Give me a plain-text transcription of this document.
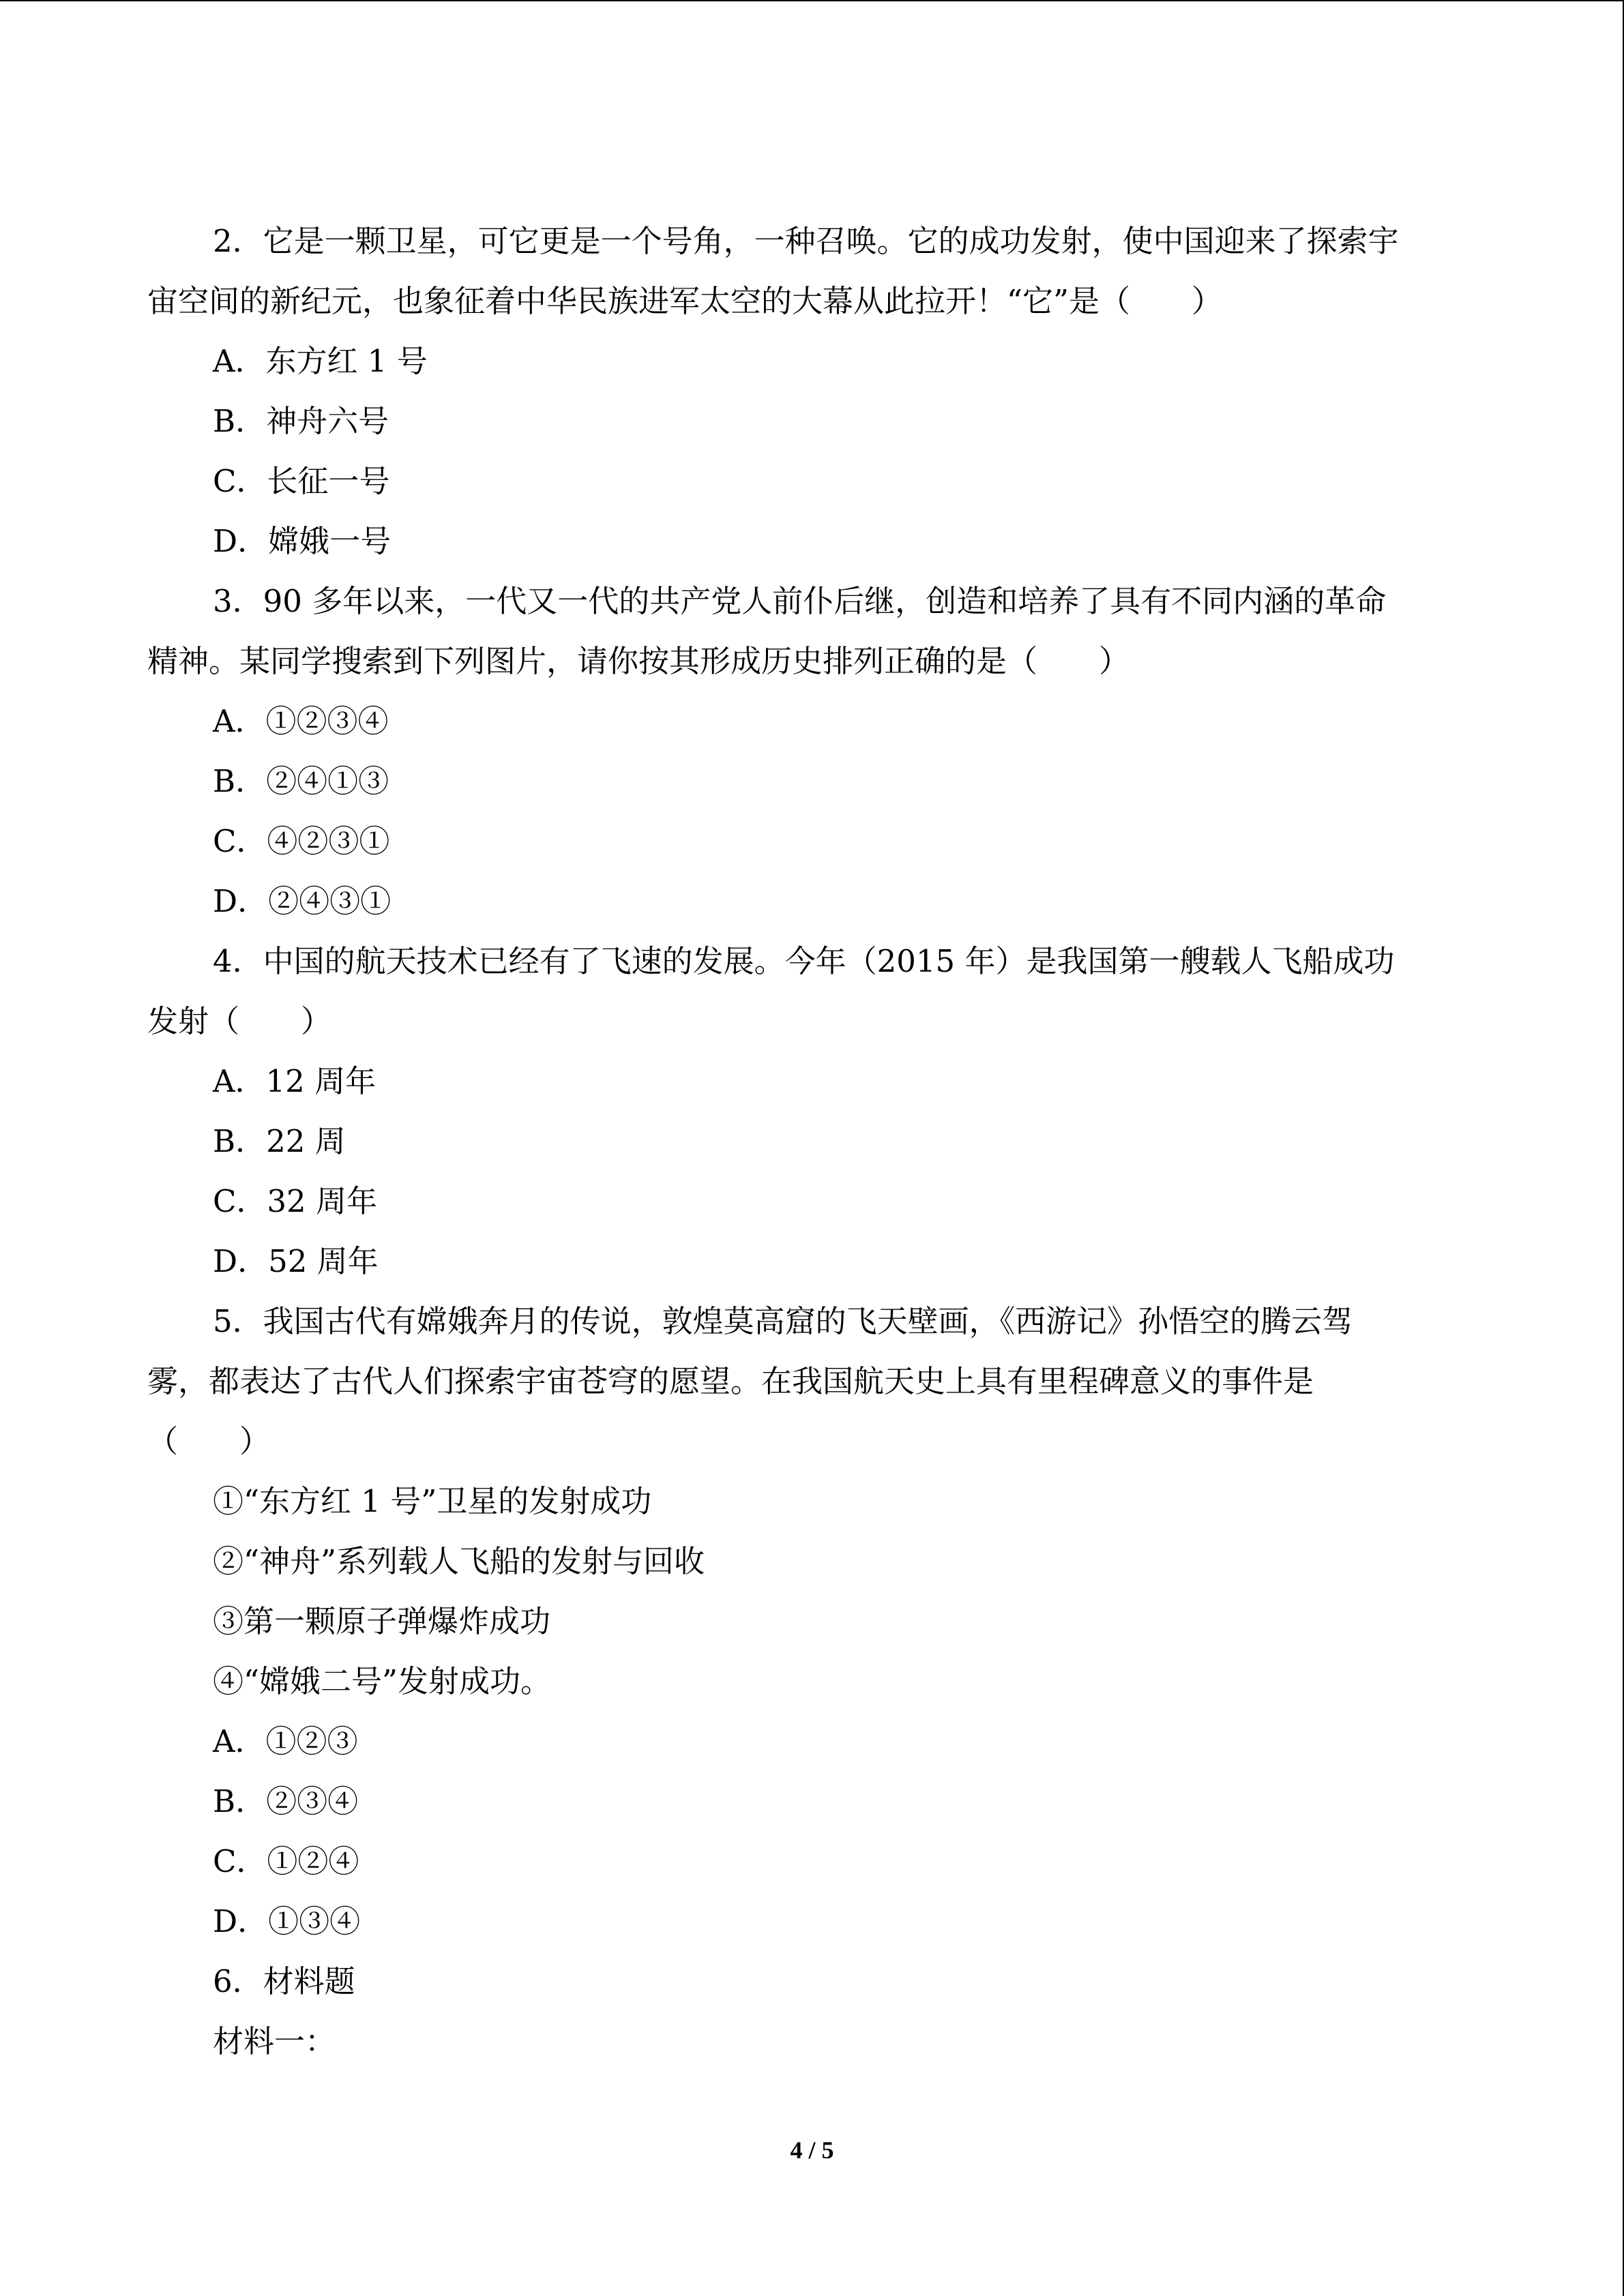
2．它是一颗卫星，可它更是一个号角，一种召唤。它的成功发射，使中国迎来了探索宇
宙空间的新纪元，也象征着中华民族进军太空的大幕从此拉开！“它”是（　　）
A．东方红 1 号
B．神舟六号
C．长征一号
D．嫦娥一号
3．90 多年以来，一代又一代的共产党人前仆后继，创造和培养了具有不同内涵的革命
精神。某同学搜索到下列图片，请你按其形成历史排列正确的是（　　）
A．①②③④
B．②④①③
C．④②③①
D．②④③①
4．中国的航天技术已经有了飞速的发展。今年（2015 年）是我国第一艘载人飞船成功
发射（　　）
A．12 周年
B．22 周
C．32 周年
D．52 周年
5．我国古代有嫦娥奔月的传说，敦煌莫高窟的飞天壁画，《西游记》孙悟空的腾云驾
雾，都表达了古代人们探索宇宙苍穹的愿望。在我国航天史上具有里程碑意义的事件是
（　　）
①“东方红 1 号”卫星的发射成功
②“神舟”系列载人飞船的发射与回收
③第一颗原子弹爆炸成功
④“嫦娥二号”发射成功。
A．①②③
B．②③④
C．①②④
D．①③④
6．材料题
材料一：
4 / 5
